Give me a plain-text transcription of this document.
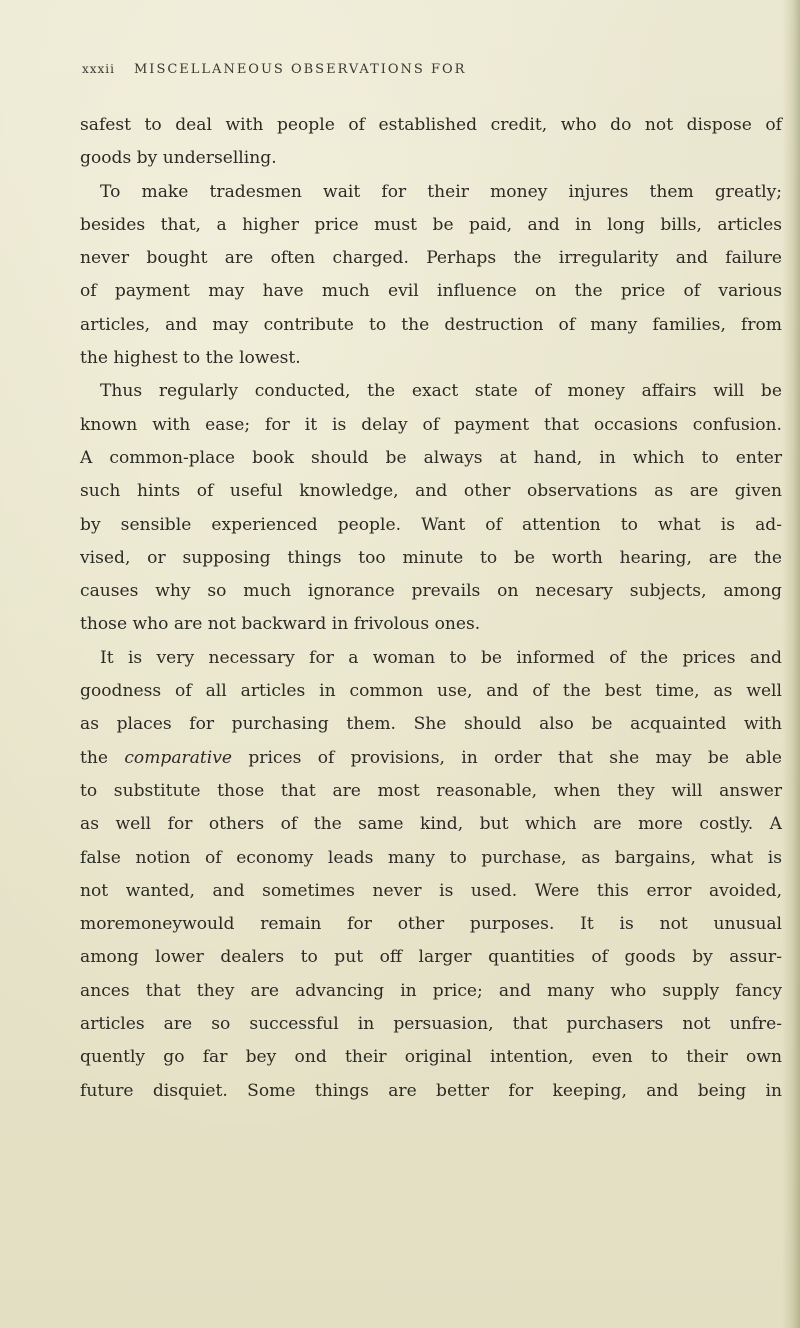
xxxii MISCELLANEOUS OBSERVATIONS FOR
safest to deal with people of established credit, who do not dispose of
goods by underselling.
To make tradesmen wait for their money injures them greatly;
besides that, a higher price must be paid, and in long bills, articles
never bought are often charged. Perhaps the irregularity and failure
of payment may have much evil influence on the price of various
articles, and may contribute to the destruction of many families, from
the highest to the lowest.
Thus regularly conducted, the exact state of money affairs will be
known with ease; for it is delay of payment that occasions confusion.
A common-place book should be always at hand, in which to enter
such hints of useful knowledge, and other observations as are given
by sensible experienced people. Want of attention to what is ad-
vised, or supposing things too minute to be worth hearing, are the
causes why so much ignorance prevails on necesary subjects, among
those who are not backward in frivolous ones.
It is very necessary for a woman to be informed of the prices and
goodness of all articles in common use, and of the best time, as well
as places for purchasing them. She should also be acquainted with
the comparative prices of provisions, in order that she may be able
to substitute those that are most reasonable, when they will answer
as well for others of the same kind, but which are more costly. A
false notion of economy leads many to purchase, as bargains, what is
not wanted, and sometimes never is used. Were this error avoided,
moremoneywould remain for other purposes. It is not unusual
among lower dealers to put off larger quantities of goods by assur-
ances that they are advancing in price; and many who supply fancy
articles are so successful in persuasion, that purchasers not unfre-
quently go far bey ond their original intention, even to their own
future disquiet. Some things are better for keeping, and being in
